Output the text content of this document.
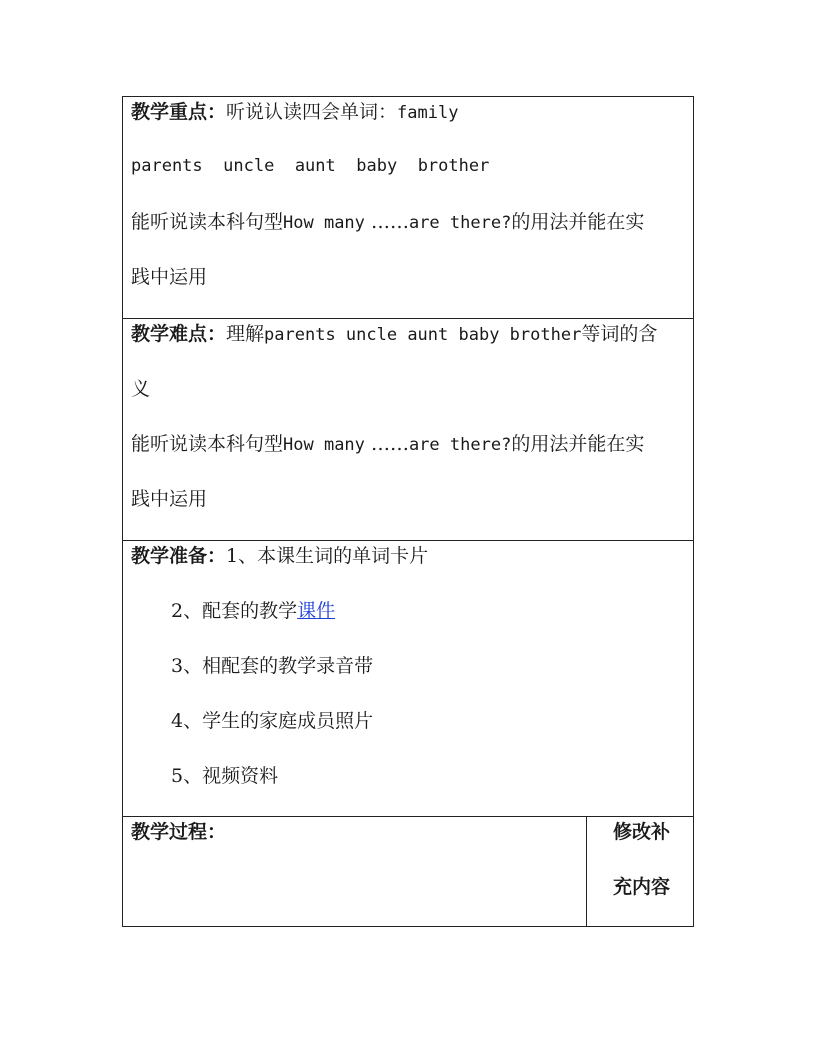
教学重点：听说认读四会单词：family
parents uncle aunt baby brother
能听说读本科句型How many ……are there?的用法并能在实
践中运用
教学难点：理解parents uncle aunt baby brother等词的含
义
能听说读本科句型How many ……are there?的用法并能在实
践中运用
教学准备：1、本课生词的单词卡片
2、配套的教学课件
3、相配套的教学录音带
4、学生的家庭成员照片
5、视频资料
教学过程：	修改补
充内容
